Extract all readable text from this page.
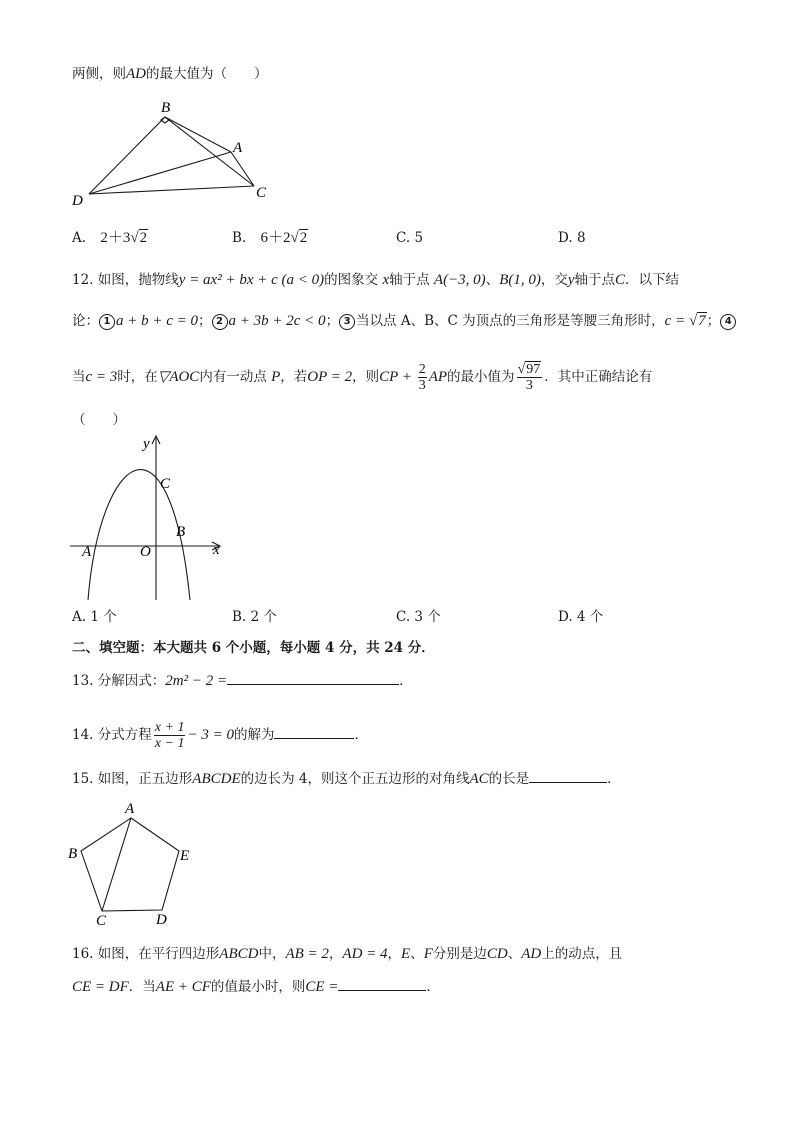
两侧，则AD的最大值为（　　）
B
A
C
D
A. 2＋3√2	B. 6＋2√2	C. 5	D. 8
12. 如图，抛物线y = ax² + bx + c (a < 0)的图象交 x轴于点 A(−3, 0)、B(1, 0)，交y轴于点C．以下结
论： 1 a + b + c = 0； 2 a + 3b + 2c < 0； 3 当以点 A、B、C 为顶点的三角形是等腰三角形时，c = √7； 4
当c = 3时，在▽AOC内有一动点 P，若OP = 2，则CP + $\frac{2}{3}$ AP的最小值为 $\frac{√97}{3}$ ．其中正确结论有
（　　）
y
x
C
B
A	O
A. 1 个	B. 2 个	C. 3 个	D. 4 个
二、填空题：本大题共 6 个小题，每小题 4 分，共 24 分．
13. 分解因式：2m² − 2 =	．
14. 分式方程 $\frac{x + 1}{x - 1} - 3 = 0$的解为	．
15. 如图，正五边形ABCDE的边长为 4，则这个正五边形的对角线AC的长是	．
A
B
C	D
E
16. 如图，在平行四边形ABCD中，AB = 2，AD = 4，E、F分别是边CD、AD上的动点，且
CE = DF．当AE + CF的值最小时，则CE =	．
